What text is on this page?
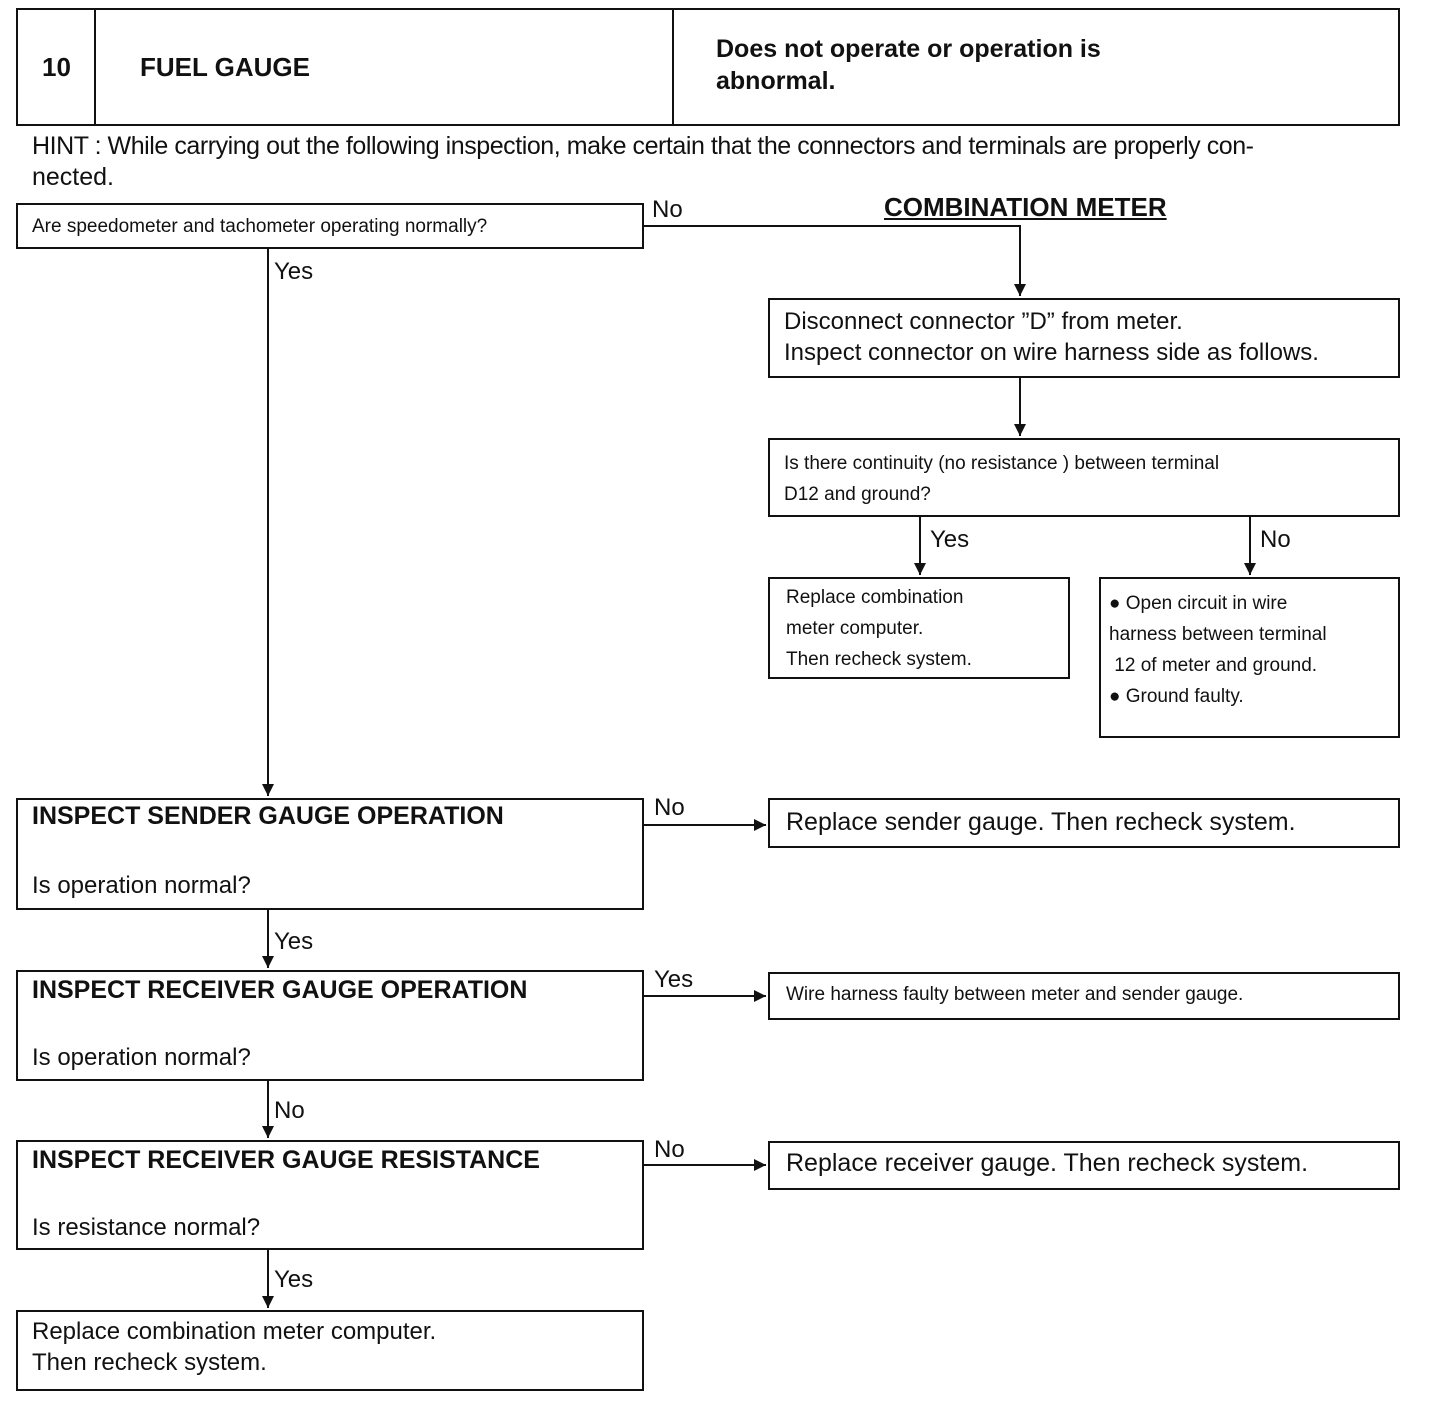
10	FUEL GAUGE
Does not operate or operation is
abnormal.
HINT : While carrying out the following inspection, make certain that the connectors and terminals are properly con-
nected.
COMBINATION METER
Are speedometer and tachometer operating normally?
Disconnect connector ”D” from meter.
Inspect connector on wire harness side as follows.
Is there continuity (no resistance ) between terminal
D12 and ground?
Replace combination
meter computer.
Then recheck system.
● Open circuit in wire
harness between terminal
12 of meter and ground.
● Ground faulty.
INSPECT SENDER GAUGE OPERATION
Is operation normal?
Replace sender gauge. Then recheck system.
INSPECT RECEIVER GAUGE OPERATION
Is operation normal?
Wire harness faulty between meter and sender gauge.
INSPECT RECEIVER GAUGE RESISTANCE
Is resistance normal?
Replace receiver gauge. Then recheck system.
Replace combination meter computer.
Then recheck system.
No
Yes
Yes	No
No
Yes
Yes
No
No
Yes
